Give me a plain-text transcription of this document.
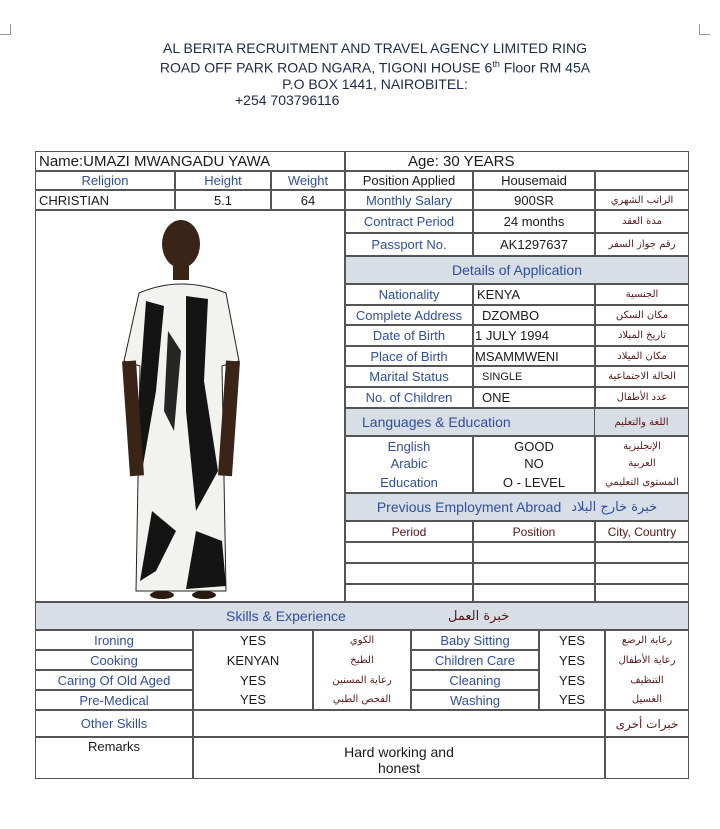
AL BERITA RECRUITMENT AND TRAVEL AGENCY LIMITED RING
ROAD OFF PARK ROAD NGARA, TIGONI HOUSE 6th Floor RM 45A
P.O BOX 1441, NAIROBITEL:
+254 703796116
Name:UMAZI MWANGADU YAWA	Age: 30 YEARS
Religion	Height	Weight	Position Applied	Housemaid
CHRISTIAN	5.1	64	Monthly Salary	900SR	الراتب الشهري
Contract Period	24 months	مدة العقد
Passport No.	AK1297637	رقم جواز السفر
Details of Application
Nationality	KENYA	الجنسية
Complete Address	DZOMBO	مكان السكن
Date of Birth	1 JULY 1994	تاريخ الميلاد
Place of Birth	MSAMMWENI	مكان الميلاد
Marital Status	SINGLE	الحالة الاجتماعية
No. of Children	ONE	عدد الأطفال
Languages & Education	اللغة والتعليم
English	GOOD	الإنجليزية
Arabic	NO	العربية
Education	O - LEVEL	المستوى التعليمي
Previous Employment Abroad خبرة خارج البلاد
Period	Position	City, Country
Skills & Experience	خبرة العمل
Ironing	YES	الكوي	Baby Sitting	YES	رعاية الرضع
Cooking	KENYAN	الطبخ	Children Care	YES	رعاية الأطفال
Caring Of Old Aged	YES	رعاية المسنين	Cleaning	YES	التنظيف
Pre-Medical	YES	الفحص الطبي	Washing	YES	الغسيل
Other Skills	خبرات أخرى
Remarks	Hard working and
honest
